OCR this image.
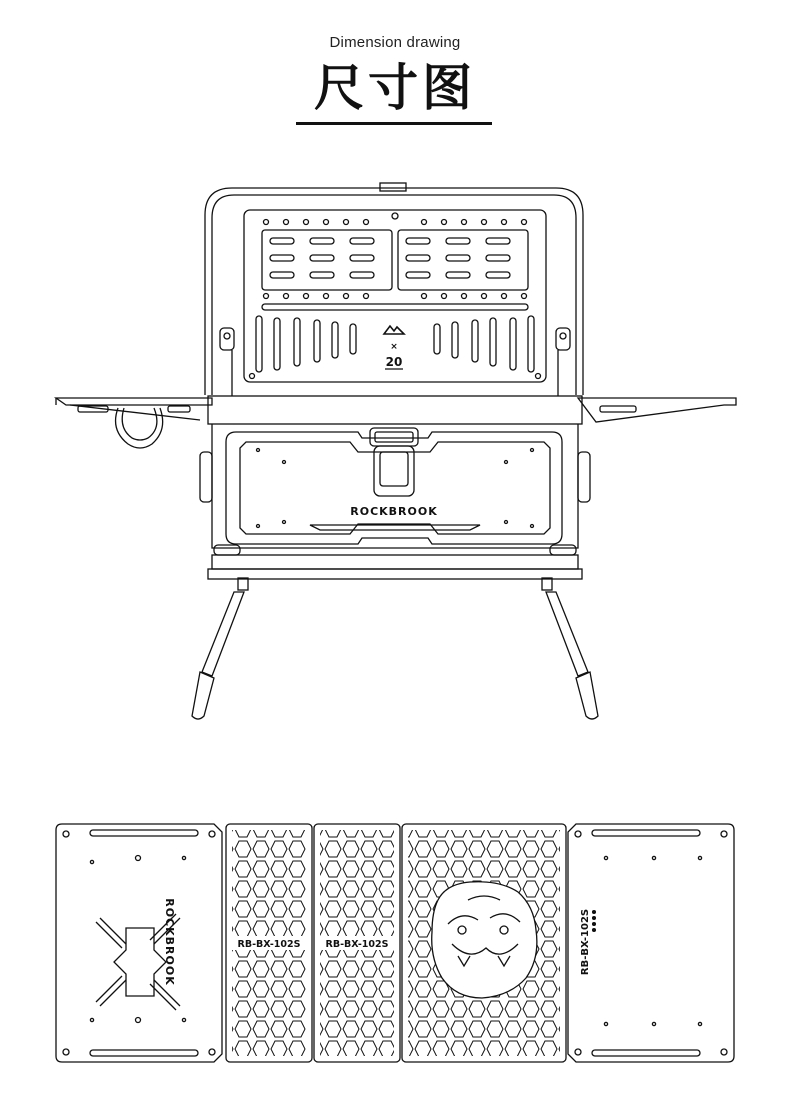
Dimension drawing
尺寸图
×
20
ROCKBROOK
ROCKBROOK	RB-BX-102S	RB-BX-102S	RB-BX-102S
